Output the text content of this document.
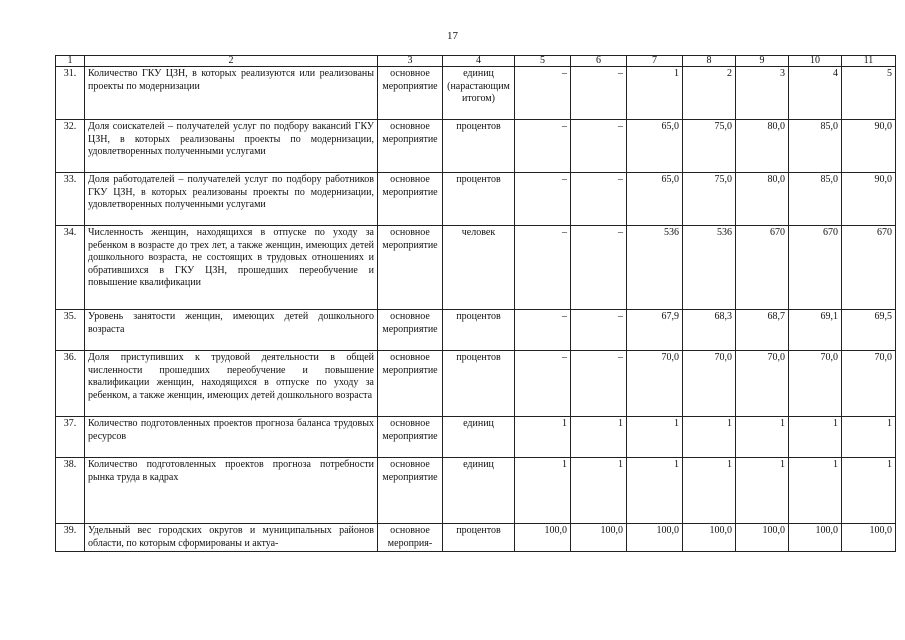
17
1	2	3	4	5	6	7	8	9	10	11
31.	Количество ГКУ ЦЗН, в которых реализуются или реализованы проекты по модернизации	основное мероприятие	единиц (нарастающим итогом)	–	–	1	2	3	4	5
32.	Доля соискателей – получателей услуг по подбору вакансий ГКУ ЦЗН, в которых реализованы проекты по модернизации, удовлетворенных полученными услугами	основное мероприятие	процентов	–	–	65,0	75,0	80,0	85,0	90,0
33.	Доля работодателей – получателей услуг по подбору работников ГКУ ЦЗН, в которых реализованы проекты по модернизации, удовлетворенных полученными услугами	основное мероприятие	процентов	–	–	65,0	75,0	80,0	85,0	90,0
34.	Численность женщин, находящихся в отпуске по уходу за ребенком в возрасте до трех лет, а также женщин, имеющих детей дошкольного возраста, не состоящих в трудовых отношениях и обратившихся в ГКУ ЦЗН, прошедших переобучение и повышение квалификации	основное мероприятие	человек	–	–	536	536	670	670	670
35.	Уровень занятости женщин, имеющих детей дошкольного возраста	основное мероприятие	процентов	–	–	67,9	68,3	68,7	69,1	69,5
36.	Доля приступивших к трудовой деятельности в общей численности прошедших переобучение и повышение квалификации женщин, находящихся в отпуске по уходу за ребенком, а также женщин, имеющих детей дошкольного возраста	основное мероприятие	процентов	–	–	70,0	70,0	70,0	70,0	70,0
37.	Количество подготовленных проектов прогноза баланса трудовых ресурсов	основное мероприятие	единиц	1	1	1	1	1	1	1
38.	Количество подготовленных проектов прогноза потребности рынка труда в кадрах	основное мероприятие	единиц	1	1	1	1	1	1	1
39.	Удельный вес городских округов и муниципальных районов области, по которым сформированы и актуа-	основное мероприя-	процентов	100,0	100,0	100,0	100,0	100,0	100,0	100,0
